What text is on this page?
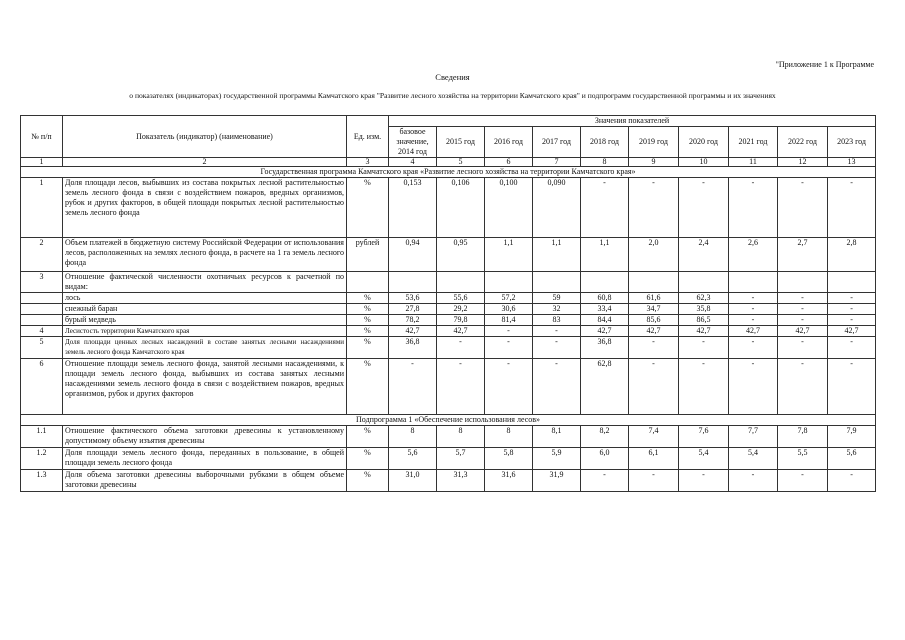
"Приложение 1 к Программе
Сведения
о показателях (индикаторах) государственной программы Камчатского края "Развитие лесного хозяйства на территории Камчатского края" и подпрограмм государственной программы и их значениях
№ п/п	Показатель (индикатор) (наименование)	Ед. изм.	Значения показателей									
			базовое значение, 2014 год	2015 год	2016 год	2017 год	2018 год	2019 год	2020 год	2021 год	2022 год	2023 год
1	2	3	4	5	6	7	8	9	10	11	12	13
Государственная программа Камчатского края «Развитие лесного хозяйства на территории Камчатского края»												
1	Доля площади лесов, выбывших из состава покрытых лесной растительностью земель лесного фонда в связи с воздействием пожаров, вредных организмов, рубок и других факторов, в общей площади покрытых лесной растительностью земель лесного фонда	%	0,153	0,106	0,100	0,090	-	-	-	-	-	-
2	Объем платежей в бюджетную систему Российской Федерации от использования лесов, расположенных на землях лесного фонда, в расчете на 1 га земель лесного фонда	рублей	0,94	0,95	1,1	1,1	1,1	2,0	2,4	2,6	2,7	2,8
3	Отношение фактической численности охотничьих ресурсов к расчетной по видам:											
	лось	%	53,6	55,6	57,2	59	60,8	61,6	62,3	-	-	-
	снежный баран	%	27,8	29,2	30,6	32	33,4	34,7	35,8	-	-	-
	бурый медведь	%	78,2	79,8	81,4	83	84,4	85,6	86,5	-	-	-
4	Лесистость территории Камчатского края	%	42,7	42,7	-	-	42,7	42,7	42,7	42,7	42,7	42,7
5	Доля площади ценных лесных насаждений в составе занятых лесными насаждениями земель лесного фонда Камчатского края	%	36,8	-	-	-	36,8	-	-	-	-	-
6	Отношение площади земель лесного фонда, занятой лесными насаждениями, к площади земель лесного фонда, выбывших из состава занятых лесными насаждениями земель лесного фонда в связи с воздействием пожаров, вредных организмов, рубок и других факторов	%	-	-	-	-	62,8	-	-	-	-	-
Подпрограмма 1 «Обеспечение использования лесов»												
1.1	Отношение фактического объема заготовки древесины к установленному допустимому объему изъятия древесины	%	8	8	8	8,1	8,2	7,4	7,6	7,7	7,8	7,9
1.2	Доля площади земель лесного фонда, переданных в пользование, в общей площади земель лесного фонда	%	5,6	5,7	5,8	5,9	6,0	6,1	5,4	5,4	5,5	5,6
1.3	Доля объема заготовки древесины выборочными рубками в общем объеме заготовки древесины	%	31,0	31,3	31,6	31,9	-	-	-	-	-	-
